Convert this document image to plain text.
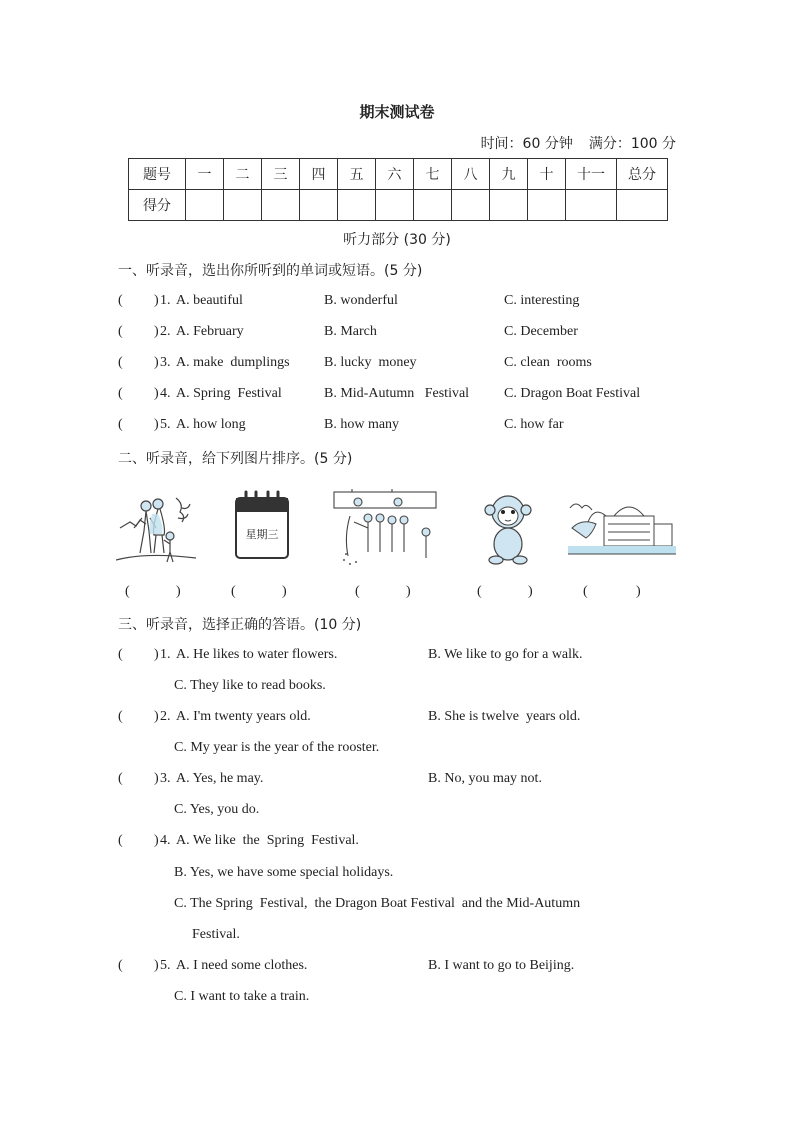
期末测试卷
时间：60 分钟 满分：100 分
题号	一	二	三	四	五	六	七	八	九	十	十一	总分
得分												
听力部分 (30 分)
一、听录音，选出你所听到的单词或短语。(5 分)
( ) 1. A. beautiful	B. wonderful	C. interesting
( ) 2. A. February	B. March	C. December
( ) 3. A. make  dumplings B. lucky  money	C. clean  rooms
( ) 4. A. Spring  Festival	B. Mid-Autumn   Festival C. Dragon Boat Festival
( ) 5. A. how long	B. how many	C. how far
二、听录音，给下列图片排序。(5 分)
星期三
(	)	(	)	(	)	(	)	(	)
三、听录音，选择正确的答语。(10 分)
( ) 1. A. He likes to water flowers.	B. We like to go for a walk.
C. They like to read books.
( ) 2. A. I'm twenty years old.	B. She is twelve  years old.
C. My year is the year of the rooster.
( ) 3. A. Yes, he may.	B. No, you may not.
C. Yes, you do.
( ) 4. A. We like  the  Spring  Festival.
B. Yes, we have some special holidays.
C. The Spring  Festival,  the Dragon Boat Festival  and the Mid-Autumn
Festival.
( ) 5. A. I need some clothes.	B. I want to go to Beijing.
C. I want to take a train.
